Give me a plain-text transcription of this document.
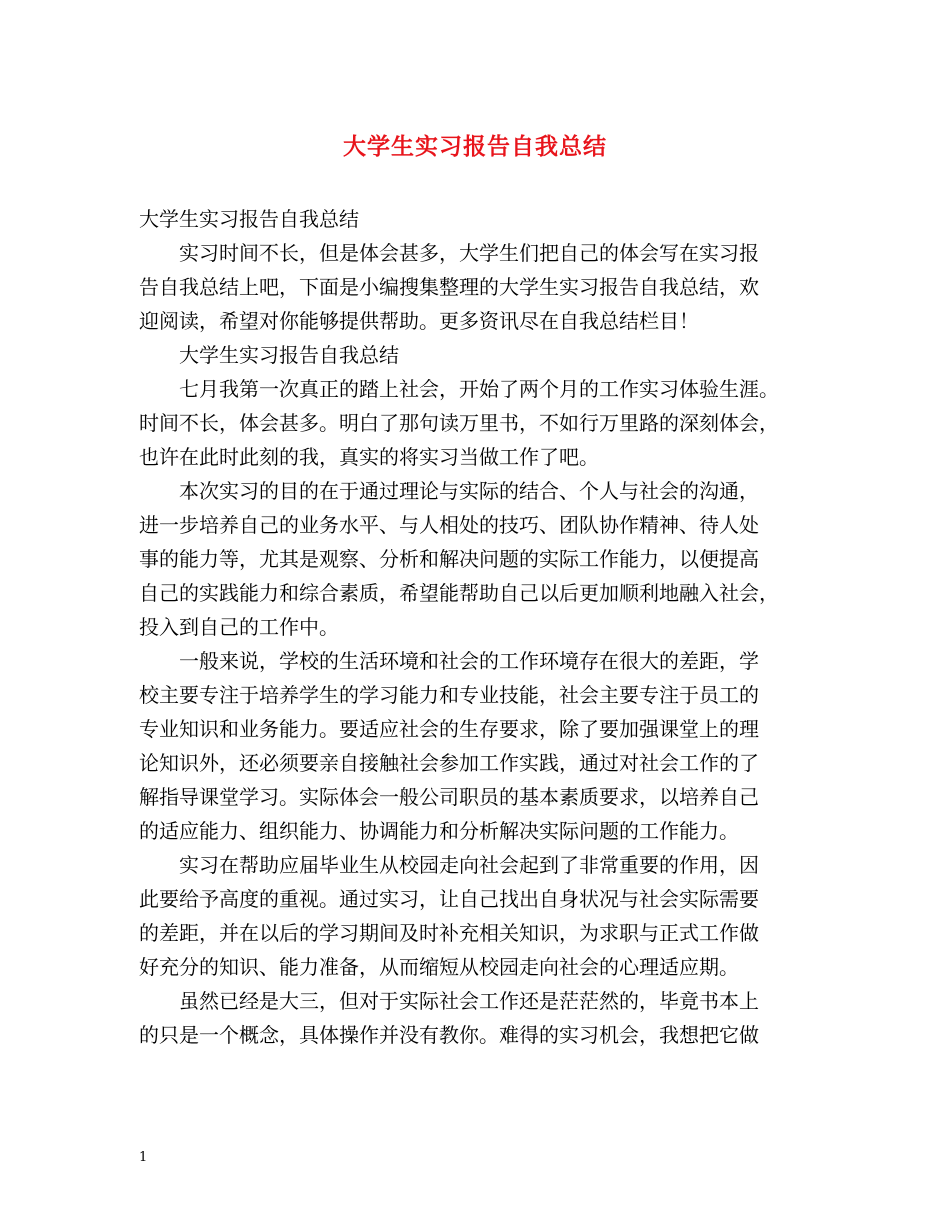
大学生实习报告自我总结
大学生实习报告自我总结
　　实习时间不长，但是体会甚多，大学生们把自己的体会写在实习报
告自我总结上吧，下面是小编搜集整理的大学生实习报告自我总结，欢
迎阅读，希望对你能够提供帮助。更多资讯尽在自我总结栏目！
　　大学生实习报告自我总结
　　七月我第一次真正的踏上社会，开始了两个月的工作实习体验生涯。
时间不长，体会甚多。明白了那句读万里书，不如行万里路的深刻体会，
也许在此时此刻的我，真实的将实习当做工作了吧。
　　本次实习的目的在于通过理论与实际的结合、个人与社会的沟通，
进一步培养自己的业务水平、与人相处的技巧、团队协作精神、待人处
事的能力等，尤其是观察、分析和解决问题的实际工作能力，以便提高
自己的实践能力和综合素质，希望能帮助自己以后更加顺利地融入社会，
投入到自己的工作中。
　　一般来说，学校的生活环境和社会的工作环境存在很大的差距，学
校主要专注于培养学生的学习能力和专业技能，社会主要专注于员工的
专业知识和业务能力。要适应社会的生存要求，除了要加强课堂上的理
论知识外，还必须要亲自接触社会参加工作实践，通过对社会工作的了
解指导课堂学习。实际体会一般公司职员的基本素质要求，以培养自己
的适应能力、组织能力、协调能力和分析解决实际问题的工作能力。
　　实习在帮助应届毕业生从校园走向社会起到了非常重要的作用，因
此要给予高度的重视。通过实习，让自己找出自身状况与社会实际需要
的差距，并在以后的学习期间及时补充相关知识，为求职与正式工作做
好充分的知识、能力准备，从而缩短从校园走向社会的心理适应期。
　　虽然已经是大三，但对于实际社会工作还是茫茫然的，毕竟书本上
的只是一个概念，具体操作并没有教你。难得的实习机会，我想把它做
1
